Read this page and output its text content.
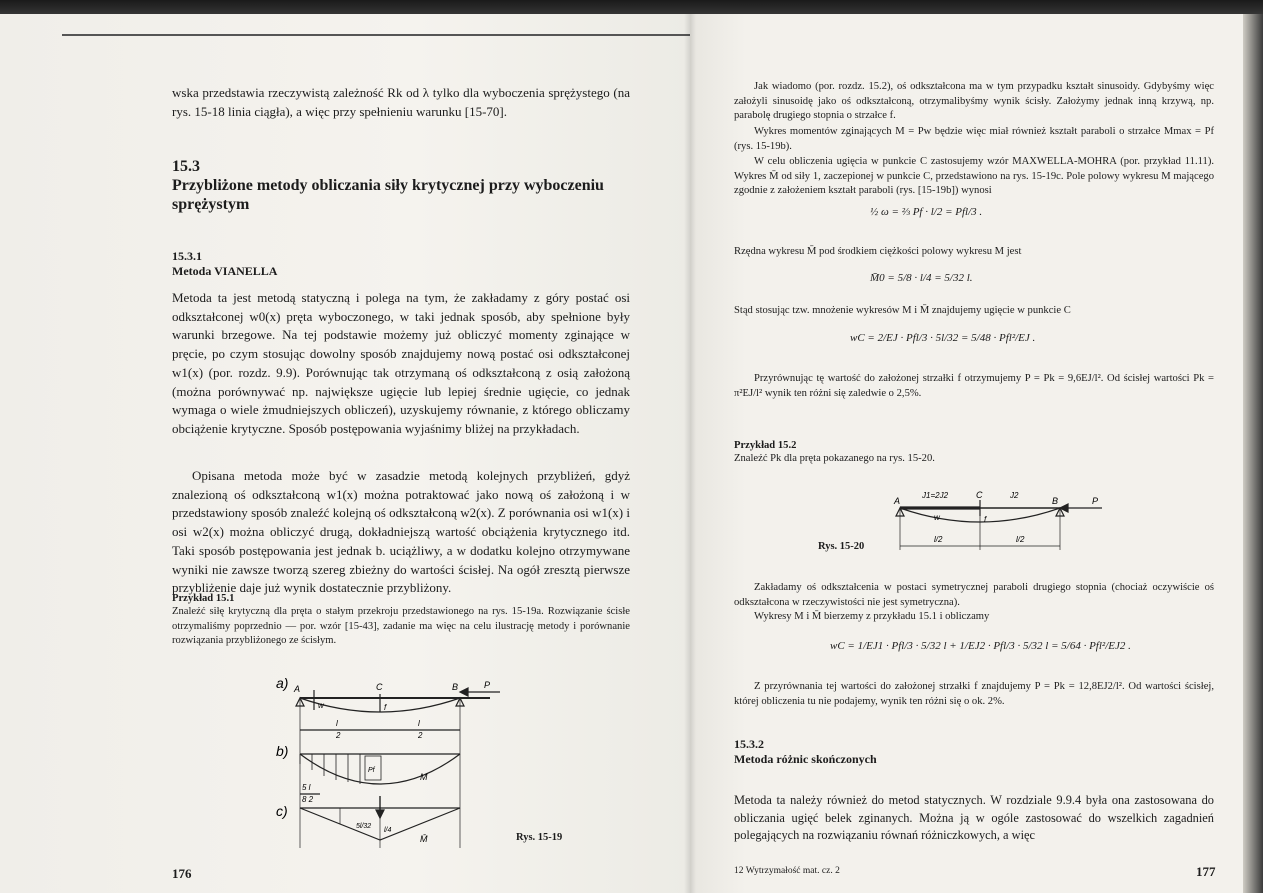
wska przedstawia rzeczywistą zależność Rk od λ tylko dla wyboczenia sprężystego (na rys. 15-18 linia ciągła), a więc przy spełnieniu warunku [15-70].

15.3
Przybliżone metody obliczania siły krytycznej przy wyboczeniu sprężystym
15.3.1
Metoda VIANELLA

Metoda ta jest metodą statyczną i polega na tym, że zakładamy z góry postać osi odkształconej w0(x) pręta wyboczonego, w taki jednak sposób, aby spełnione były warunki brzegowe. Na tej podstawie możemy już obliczyć momenty zginające w pręcie, po czym stosując dowolny sposób znajdujemy nową postać osi odkształconej w1(x) (por. rozdz. 9.9). Porównując tak otrzymaną oś odkształconą z osią założoną (można porównywać np. największe ugięcie lub lepiej średnie ugięcie, co jednak wymaga o wiele żmudniejszych obliczeń), uzyskujemy równanie, z którego obliczamy obciążenie krytyczne. Sposób postępowania wyjaśnimy bliżej na przykładach.

Opisana metoda może być w zasadzie metodą kolejnych przybliżeń, gdyż znalezioną oś odkształconą w1(x) można potraktować jako nową oś założoną i w przedstawiony sposób znaleźć kolejną oś odkształconą w2(x). Z porównania osi w1(x) i osi w2(x) można obliczyć drugą, dokładniejszą wartość obciążenia krytycznego itd. Taki sposób postępowania jest jednak b. uciążliwy, a w dodatku kolejno otrzymywane wyniki nie zawsze tworzą szereg zbieżny do wartości ścisłej. Na ogół zresztą pierwsze przybliżenie daje już wynik dostatecznie przybliżony.

Przykład 15.1

Znaleźć siłę krytyczną dla pręta o stałym przekroju przedstawionego na rys. 15-19a. Rozwiązanie ścisłe otrzymaliśmy poprzednio — por. wzór [15-43], zadanie ma więc na celu ilustrację metody i porównanie rozwiązania przybliżonego ze ścisłym.

a)
b)
c)
A	C	B	P
w	f
l
2
l
2
M
Pf
5 l
8 2
M̄
5l/32
l/4
Rys. 15-19
176

Jak wiadomo (por. rozdz. 15.2), oś odkształcona ma w tym przypadku kształt sinusoidy. Gdybyśmy więc założyli sinusoidę jako oś odkształconą, otrzymalibyśmy wynik ścisły. Założymy jednak inną krzywą, np. parabolę drugiego stopnia o strzałce f.

Wykres momentów zginających M = Pw będzie więc miał również kształt paraboli o strzałce Mmax = Pf (rys. 15-19b).

W celu obliczenia ugięcia w punkcie C zastosujemy wzór MAXWELLA-MOHRA (por. przykład 11.11). Wykres M̄ od siły 1, zaczepionej w punkcie C, przedstawiono na rys. 15-19c. Pole polowy wykresu M mającego zgodnie z założeniem kształt paraboli (rys. [15-19b]) wynosi

½ ω = ⅔ Pf · l/2 = Pfl/3 .

Rzędna wykresu M̄ pod środkiem ciężkości polowy wykresu M jest

M̄0 = 5/8 · l/4 = 5/32 l.

Stąd stosując tzw. mnożenie wykresów M i M̄ znajdujemy ugięcie w punkcie C

wC = 2/EJ · Pfl/3 · 5l/32 = 5/48 · Pfl²/EJ .

Przyrównując tę wartość do założonej strzałki f otrzymujemy P = Pk = 9,6EJ/l². Od ścisłej wartości Pk = π²EJ/l² wynik ten różni się zaledwie o 2,5%.

Przykład 15.2

Znaleźć Pk dla pręta pokazanego na rys. 15-20.

A
C
B	P
J1=2J2	J2
w	f
l/2	l/2
Rys. 15-20

Zakładamy oś odkształcenia w postaci symetrycznej paraboli drugiego stopnia (chociaż oczywiście oś odkształcona w rzeczywistości nie jest symetryczna).

Wykresy M i M̄ bierzemy z przykładu 15.1 i obliczamy

wC = 1/EJ1 · Pfl/3 · 5/32 l + 1/EJ2 · Pfl/3 · 5/32 l = 5/64 · Pfl²/EJ2 .

Z przyrównania tej wartości do założonej strzałki f znajdujemy P = Pk = 12,8EJ2/l². Od wartości ścisłej, której obliczenia tu nie podajemy, wynik ten różni się o ok. 2%.

15.3.2
Metoda różnic skończonych

Metoda ta należy również do metod statycznych. W rozdziale 9.9.4 była ona zastosowana do obliczania ugięć belek zginanych. Można ją w ogóle zastosować do wszelkich zagadnień polegających na rozwiązaniu równań różniczkowych, a więc

12 Wytrzymałość mat. cz. 2	177
